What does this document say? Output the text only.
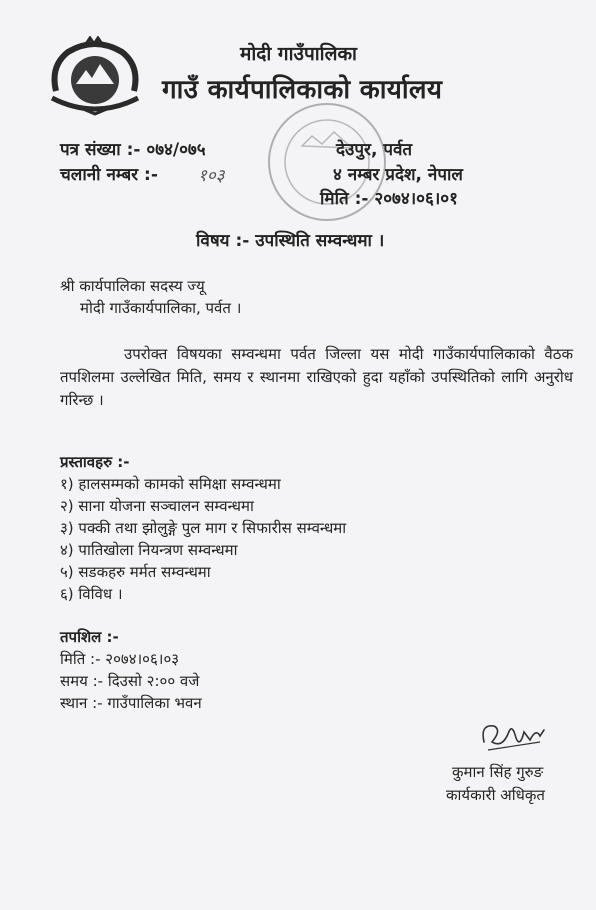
मोदी गाउँपालिका
गाउँ कार्यपालिकाको कार्यालय
पत्र संख्या :- ०७४/०७५
चलानी नम्बर :- १०३
देउपुर, पर्वत
४ नम्बर प्रदेश, नेपाल
मिति :- २०७४।०६।०१
विषय :- उपस्थिति सम्वन्धमा ।
श्री कार्यपालिका सदस्य ज्यू
मोदी गाउँकार्यपालिका, पर्वत ।
उपरोक्त विषयका सम्वन्धमा पर्वत जिल्ला यस मोदी गाउँकार्यपालिकाको वैठक तपशिलमा उल्लेखित मिति, समय र स्थानमा राखिएको हुदा यहाँको उपस्थितिको लागि अनुरोध गरिन्छ ।
प्रस्तावहरु :-
१) हालसम्मको कामको समिक्षा सम्वन्धमा
२) साना योजना सञ्चालन सम्वन्धमा
३) पक्की तथा झोलुङ्गे पुल माग र सिफारीस सम्वन्धमा
४) पातिखोला नियन्त्रण सम्वन्धमा
५) सडकहरु मर्मत सम्वन्धमा
६) विविध ।
तपशिल :-
मिति :- २०७४।०६।०३
समय :- दिउसो २:०० वजे
स्थान :- गाउँपालिका भवन
कुमान सिंह गुरुङ
कार्यकारी अधिकृत
